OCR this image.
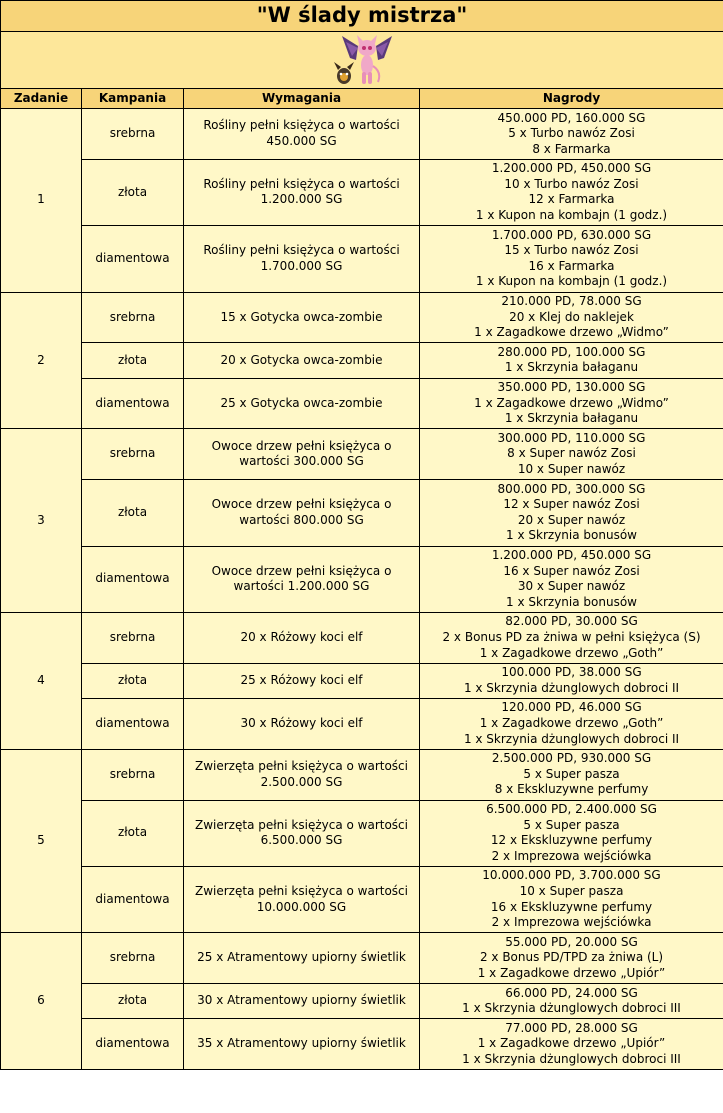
"W ślady mistrza"			

Zadanie	Kampania	Wymagania	Nagrody
1	srebrna	Rośliny pełni księżyca o wartości 450.000 SG	450.000 PD, 160.000 SG
5 x Turbo nawóz Zosi
8 x Farmarka

	złota	Rośliny pełni księżyca o wartości 1.200.000 SG	1.200.000 PD, 450.000 SG
10 x Turbo nawóz Zosi
12 x Farmarka
1 x Kupon na kombajn (1 godz.)

	diamentowa	Rośliny pełni księżyca o wartości 1.700.000 SG	1.700.000 PD, 630.000 SG
15 x Turbo nawóz Zosi
16 x Farmarka
1 x Kupon na kombajn (1 godz.)

2	srebrna	15 x Gotycka owca-zombie	210.000 PD, 78.000 SG
20 x Klej do naklejek
1 x Zagadkowe drzewo „Widmo”

	złota	20 x Gotycka owca-zombie	280.000 PD, 100.000 SG
1 x Skrzynia bałaganu

	diamentowa	25 x Gotycka owca-zombie	350.000 PD, 130.000 SG
1 x Zagadkowe drzewo „Widmo”
1 x Skrzynia bałaganu

3	srebrna	Owoce drzew pełni księżyca o wartości 300.000 SG	300.000 PD, 110.000 SG
8 x Super nawóz Zosi
10 x Super nawóz

	złota	Owoce drzew pełni księżyca o wartości 800.000 SG	800.000 PD, 300.000 SG
12 x Super nawóz Zosi
20 x Super nawóz
1 x Skrzynia bonusów

	diamentowa	Owoce drzew pełni księżyca o wartości 1.200.000 SG	1.200.000 PD, 450.000 SG
16 x Super nawóz Zosi
30 x Super nawóz
1 x Skrzynia bonusów

4	srebrna	20 x Różowy koci elf	82.000 PD, 30.000 SG
2 x Bonus PD za żniwa w pełni księżyca (S)
1 x Zagadkowe drzewo „Goth”

	złota	25 x Różowy koci elf	100.000 PD, 38.000 SG
1 x Skrzynia dżunglowych dobroci II

	diamentowa	30 x Różowy koci elf	120.000 PD, 46.000 SG
1 x Zagadkowe drzewo „Goth”
1 x Skrzynia dżunglowych dobroci II

5	srebrna	Zwierzęta pełni księżyca o wartości 2.500.000 SG	2.500.000 PD, 930.000 SG
5 x Super pasza
8 x Ekskluzywne perfumy

	złota	Zwierzęta pełni księżyca o wartości 6.500.000 SG	6.500.000 PD, 2.400.000 SG
5 x Super pasza
12 x Ekskluzywne perfumy
2 x Imprezowa wejściówka

	diamentowa	Zwierzęta pełni księżyca o wartości 10.000.000 SG	10.000.000 PD, 3.700.000 SG
10 x Super pasza
16 x Ekskluzywne perfumy
2 x Imprezowa wejściówka

6	srebrna	25 x Atramentowy upiorny świetlik	55.000 PD, 20.000 SG
2 x Bonus PD/TPD za żniwa (L)
1 x Zagadkowe drzewo „Upiór”

	złota	30 x Atramentowy upiorny świetlik	66.000 PD, 24.000 SG
1 x Skrzynia dżunglowych dobroci III

	diamentowa	35 x Atramentowy upiorny świetlik	77.000 PD, 28.000 SG
1 x Zagadkowe drzewo „Upiór”
1 x Skrzynia dżunglowych dobroci III
